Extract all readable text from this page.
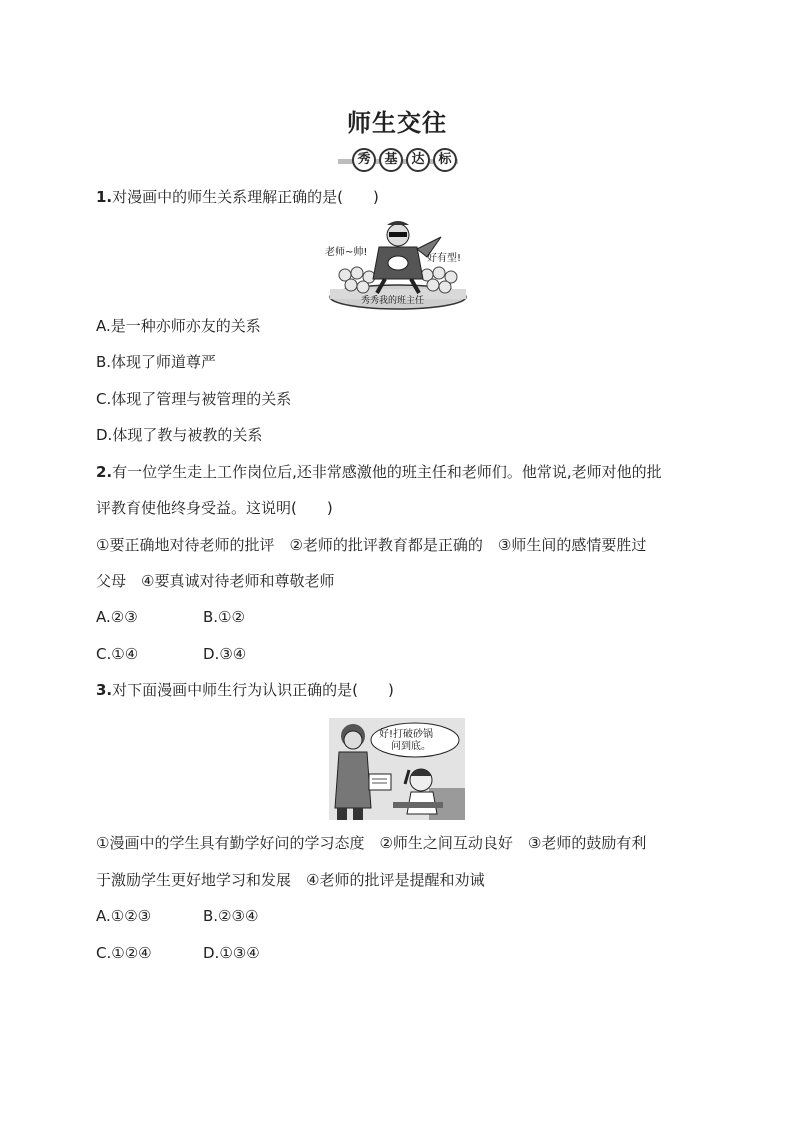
师生交往
秀	基	达	标
1.对漫画中的师生关系理解正确的是(　　)
老师~帅!
好有型!
秀秀我的班主任
A.是一种亦师亦友的关系
B.体现了师道尊严
C.体现了管理与被管理的关系
D.体现了教与被教的关系
2.有一位学生走上工作岗位后,还非常感激他的班主任和老师们。他常说,老师对他的批
评教育使他终身受益。这说明(　　)
①要正确地对待老师的批评　②老师的批评教育都是正确的　③师生间的感情要胜过
父母　④要真诚对待老师和尊敬老师
A.②③	B.①②
C.①④	D.③④
3.对下面漫画中师生行为认识正确的是(　　)
好!打破砂锅
问到底。
①漫画中的学生具有勤学好问的学习态度　②师生之间互动良好　③老师的鼓励有利
于激励学生更好地学习和发展　④老师的批评是提醒和劝诫
A.①②③	B.②③④
C.①②④	D.①③④
